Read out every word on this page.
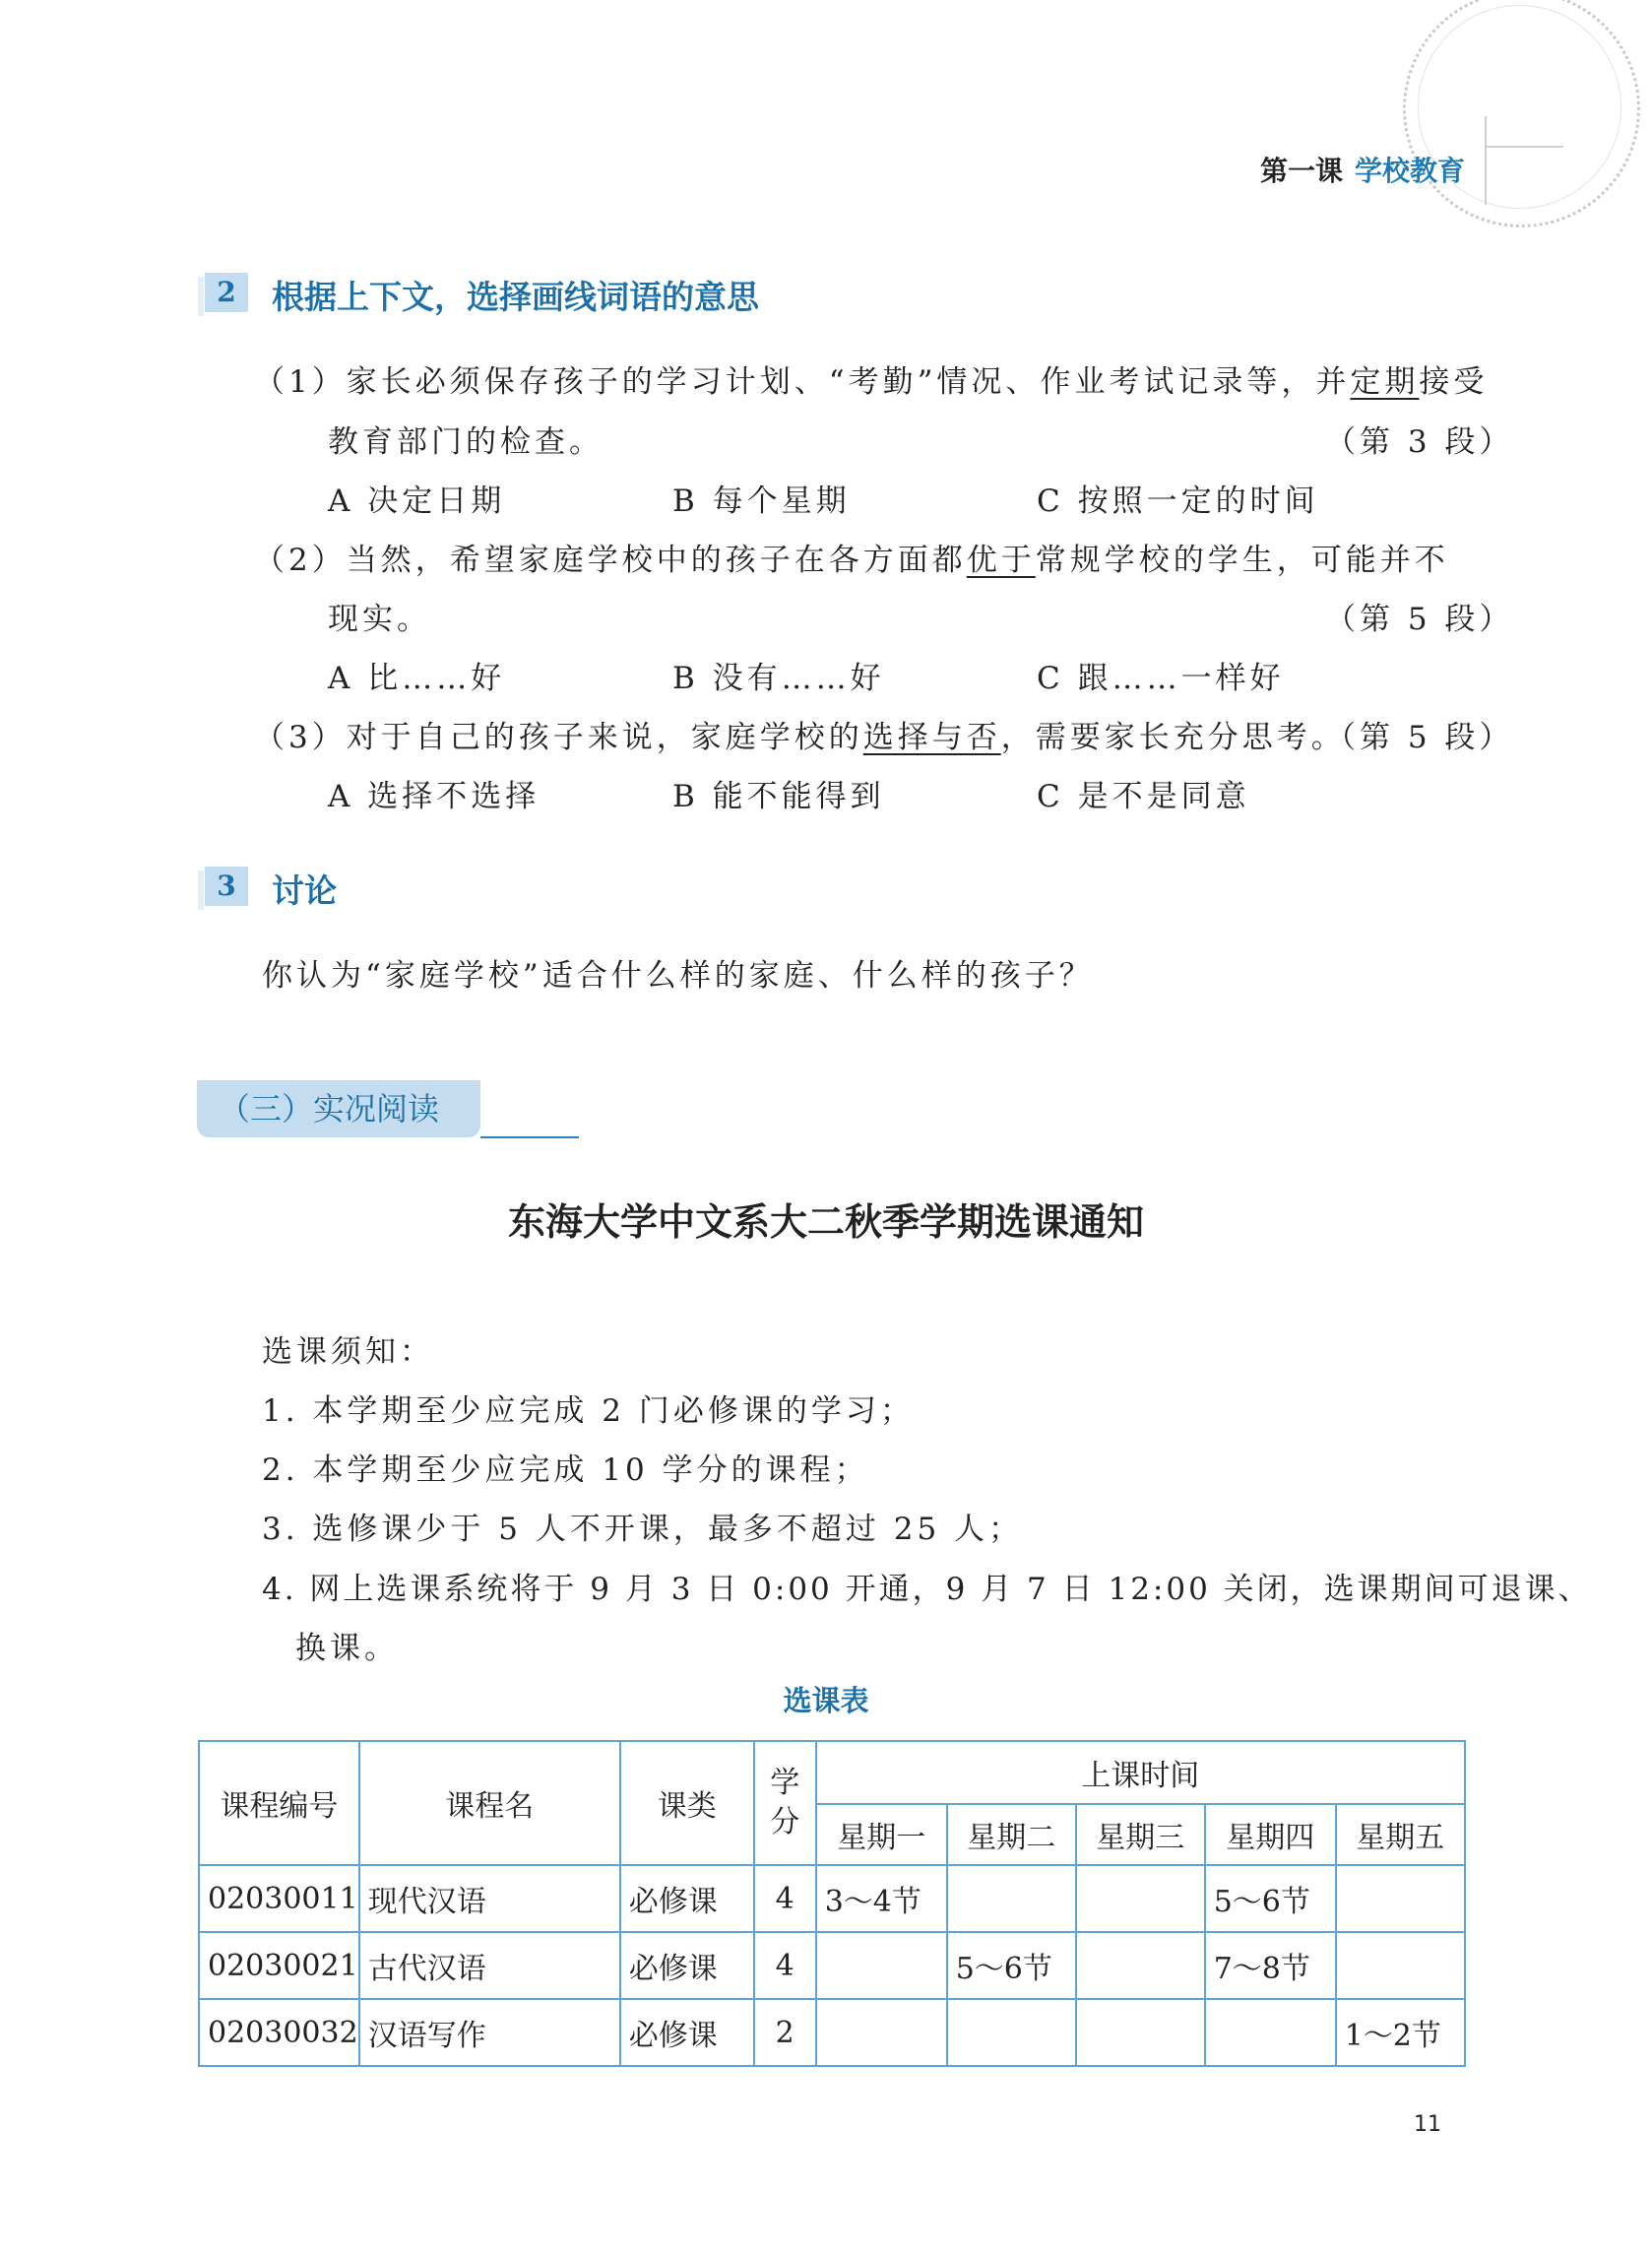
第一课 学校教育
2	根据上下文，选择画线词语的意思
（1）家长必须保存孩子的学习计划、“考勤”情况、作业考试记录等，并定期接受
教育部门的检查。	（第 3 段）
A 决定日期	B 每个星期	C 按照一定的时间
（2）当然，希望家庭学校中的孩子在各方面都优于常规学校的学生，可能并不
现实。	（第 5 段）
A 比……好	B 没有……好	C 跟……一样好
（3）对于自己的孩子来说，家庭学校的选择与否，需要家长充分思考。
（第 5 段）
A 选择不选择	B 能不能得到	C 是不是同意
3	讨论
你认为“家庭学校”适合什么样的家庭、什么样的孩子？
（三）实况阅读
东海大学中文系大二秋季学期选课通知
选课须知：
1. 本学期至少应完成 2 门必修课的学习；
2. 本学期至少应完成 10 学分的课程；
3. 选修课少于 5 人不开课，最多不超过 25 人；
4. 网上选课系统将于 9 月 3 日 0:00 开通，9 月 7 日 12:00 关闭，选课期间可退课、
换课。
选课表
课程编号	课程名	课类	学分	上课时间				
				星期一	星期二	星期三	星期四	星期五
02030011	现代汉语	必修课	4	3～4节			5～6节	
02030021	古代汉语	必修课	4		5～6节		7～8节	
02030032	汉语写作	必修课	2					1～2节
11
